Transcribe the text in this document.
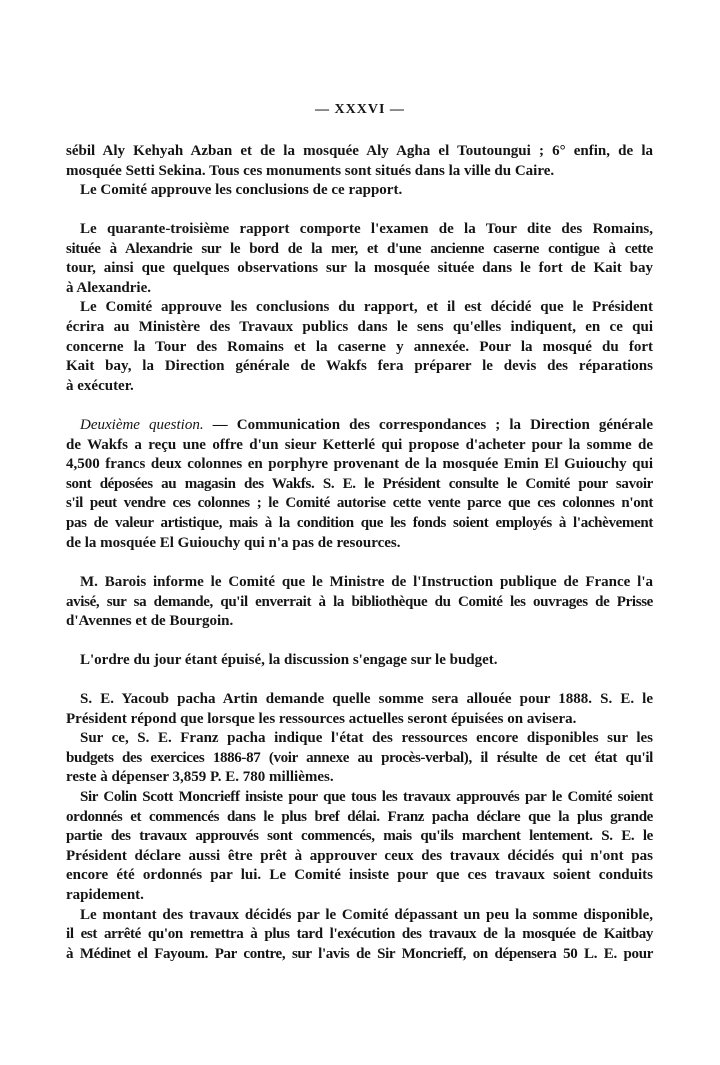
— XXXVI —
sébil Aly Kehyah Azban et de la mosquée Aly Agha el Toutoungui ; 6° enfin, de la
mosquée Setti Sekina. Tous ces monuments sont situés dans la ville du Caire.
Le Comité approuve les conclusions de ce rapport.
Le quarante-troisième rapport comporte l'examen de la Tour dite des Romains,
située à Alexandrie sur le bord de la mer, et d'une ancienne caserne contigue à cette
tour, ainsi que quelques observations sur la mosquée située dans le fort de Kait bay
à Alexandrie.
Le Comité approuve les conclusions du rapport, et il est décidé que le Président
écrira au Ministère des Travaux publics dans le sens qu'elles indiquent, en ce qui
concerne la Tour des Romains et la caserne y annexée. Pour la mosqué du fort
Kait bay, la Direction générale de Wakfs fera préparer le devis des réparations
à exécuter.
Deuxième question. — Communication des correspondances ; la Direction générale
de Wakfs a reçu une offre d'un sieur Ketterlé qui propose d'acheter pour la somme de
4,500 francs deux colonnes en porphyre provenant de la mosquée Emin El Guiouchy qui
sont déposées au magasin des Wakfs. S. E. le Président consulte le Comité pour savoir
s'il peut vendre ces colonnes ; le Comité autorise cette vente parce que ces colonnes n'ont
pas de valeur artistique, mais à la condition que les fonds soient employés à l'achèvement
de la mosquée El Guiouchy qui n'a pas de resources.
M. Barois informe le Comité que le Ministre de l'Instruction publique de France l'a
avisé, sur sa demande, qu'il enverrait à la bibliothèque du Comité les ouvrages de Prisse
d'Avennes et de Bourgoin.
L'ordre du jour étant épuisé, la discussion s'engage sur le budget.
S. E. Yacoub pacha Artin demande quelle somme sera allouée pour 1888. S. E. le
Président répond que lorsque les ressources actuelles seront épuisées on avisera.
Sur ce, S. E. Franz pacha indique l'état des ressources encore disponibles sur les
budgets des exercices 1886-87 (voir annexe au procès-verbal), il résulte de cet état qu'il
reste à dépenser 3,859 P. E. 780 millièmes.
Sir Colin Scott Moncrieff insiste pour que tous les travaux approuvés par le Comité soient
ordonnés et commencés dans le plus bref délai. Franz pacha déclare que la plus grande
partie des travaux approuvés sont commencés, mais qu'ils marchent lentement. S. E. le
Président déclare aussi être prêt à approuver ceux des travaux décidés qui n'ont pas
encore été ordonnés par lui. Le Comité insiste pour que ces travaux soient conduits
rapidement.
Le montant des travaux décidés par le Comité dépassant un peu la somme disponible,
il est arrêté qu'on remettra à plus tard l'exécution des travaux de la mosquée de Kaitbay
à Médinet el Fayoum. Par contre, sur l'avis de Sir Moncrieff, on dépensera 50 L. E. pour
